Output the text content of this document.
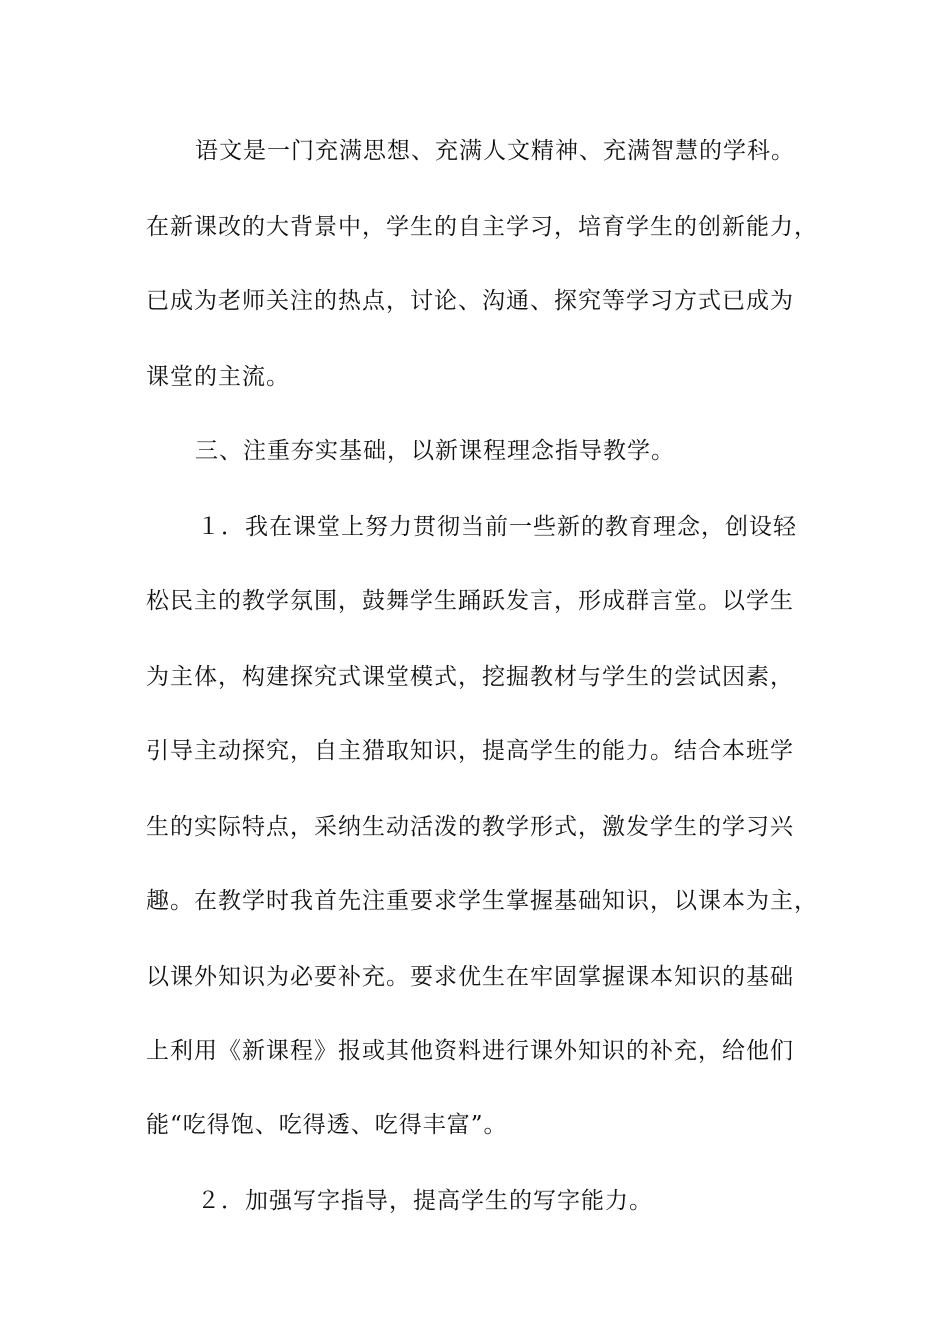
语文是一门充满思想、充满人文精神、充满智慧的学科。
在新课改的大背景中，学生的自主学习，培育学生的创新能力，
已成为老师关注的热点，讨论、沟通、探究等学习方式已成为
课堂的主流。
三、注重夯实基础，以新课程理念指导教学。
１．我在课堂上努力贯彻当前一些新的教育理念，创设轻
松民主的教学氛围，鼓舞学生踊跃发言，形成群言堂。以学生
为主体，构建探究式课堂模式，挖掘教材与学生的尝试因素，
引导主动探究，自主猎取知识，提高学生的能力。结合本班学
生的实际特点，采纳生动活泼的教学形式，激发学生的学习兴
趣。在教学时我首先注重要求学生掌握基础知识，以课本为主，
以课外知识为必要补充。要求优生在牢固掌握课本知识的基础
上利用《新课程》报或其他资料进行课外知识的补充，给他们
能“吃得饱、吃得透、吃得丰富”。
２．加强写字指导，提高学生的写字能力。
